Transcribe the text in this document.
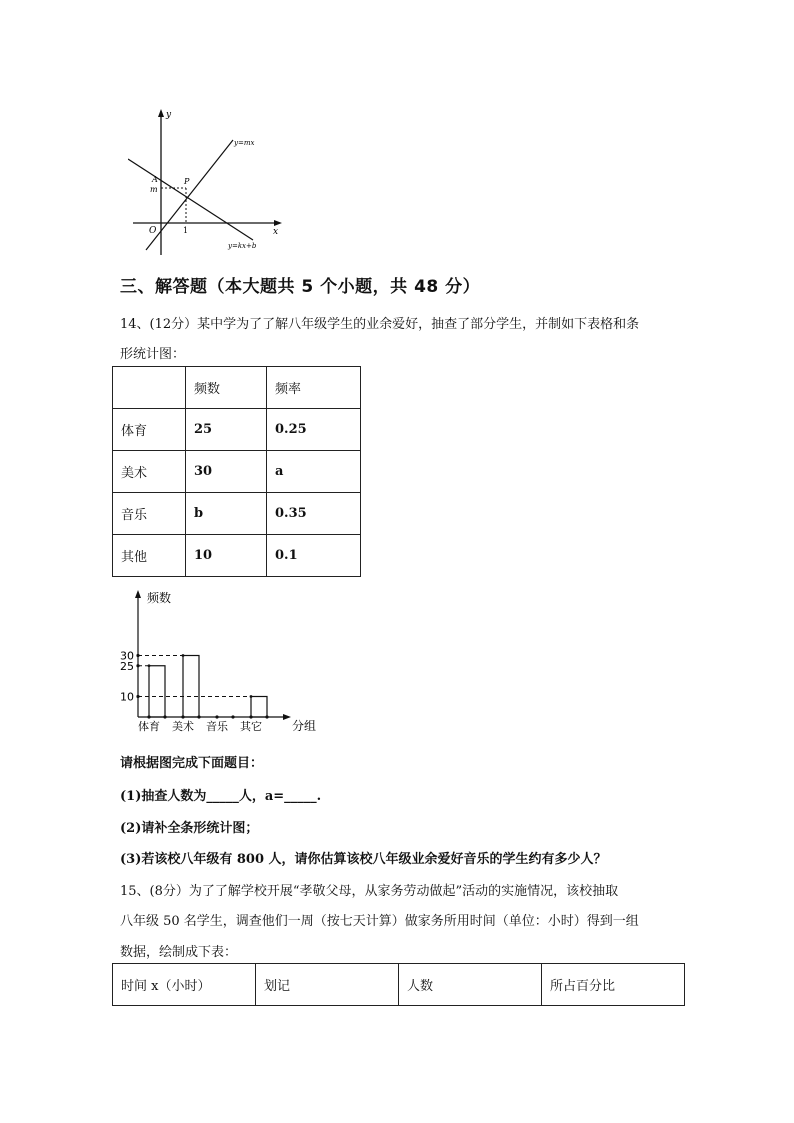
y
x
O
A	P
m
1
y=mx
y=kx+b
三、解答题（本大题共 5 个小题，共 48 分）
14、(12分）某中学为了了解八年级学生的业余爱好，抽查了部分学生，并制如下表格和条
形统计图：
	频数	频率
体育	25	0.25
美术	30	a
音乐	b	0.35
其他	10	0.1
频数
分组
10
25
30
体育 美术 音乐 其它
请根据图完成下面题目：
(1)抽查人数为_____人，a=_____.
(2)请补全条形统计图；
(3)若该校八年级有 800 人，请你估算该校八年级业余爱好音乐的学生约有多少人？
15、(8分）为了了解学校开展“孝敬父母，从家务劳动做起”活动的实施情况，该校抽取
八年级 50 名学生，调查他们一周（按七天计算）做家务所用时间（单位：小时）得到一组
数据，绘制成下表：
时间 x（小时）	划记	人数	所占百分比
